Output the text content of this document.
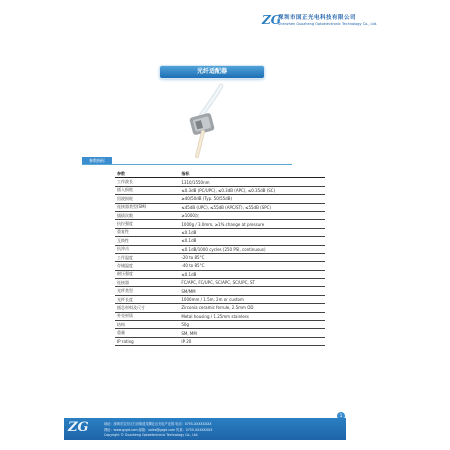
ZG
深圳市国正光电科技有限公司
Shenzhen Guozheng Optoelectronic Technology Co., Ltd.
光纤适配器
参数指标
参数	指标
工作波长	1310/1550nm
插入损耗	≤0.3dB (PC/UPC), ≤0.3dB (APC), ≤0.35dB (SC)
回波损耗	≥40/50dB (Typ. 50/55dB)
连接器类型(SM)	≤45dB (UPC), ≤55dB (APC/ST), ≤55dB (SPC)
插拔次数	≥1000次
抗拉强度	1000g / 3.0mm, ≥1% change at pressure
重复性	≤0.1dB
互换性	≤0.1dB
抗冲击	≤0.1dB/1000 cycles (250 PSI, continuous)
工作温度	-20 to 85°C
存储温度	-40 to 85°C
耐压强度	≤0.1dB
连接器	FC/APC, FC/UPC, SC/APC, SC/UPC, ST
光纤类型	SM/MM
光纤长度	1000mm / 1.5m, 2m or custom
插芯材料及尺寸	Zirconia ceramic ferrule, 2.5mm OD
外壳材质	Metal housing / 1.25mm stainless
结构	50g
重量	SM, MM
IP rating	IP 20
1
ZG	地址：深圳市宝安区石岩街道龙腾社区光电产业园 电话：0755-XXXXXXXX
网址：www.gzgd.com 邮箱：sales@gzgd.com 传真：0755-XXXXXXXX
Copyright © Guozheng Optoelectronic Technology Co., Ltd.
